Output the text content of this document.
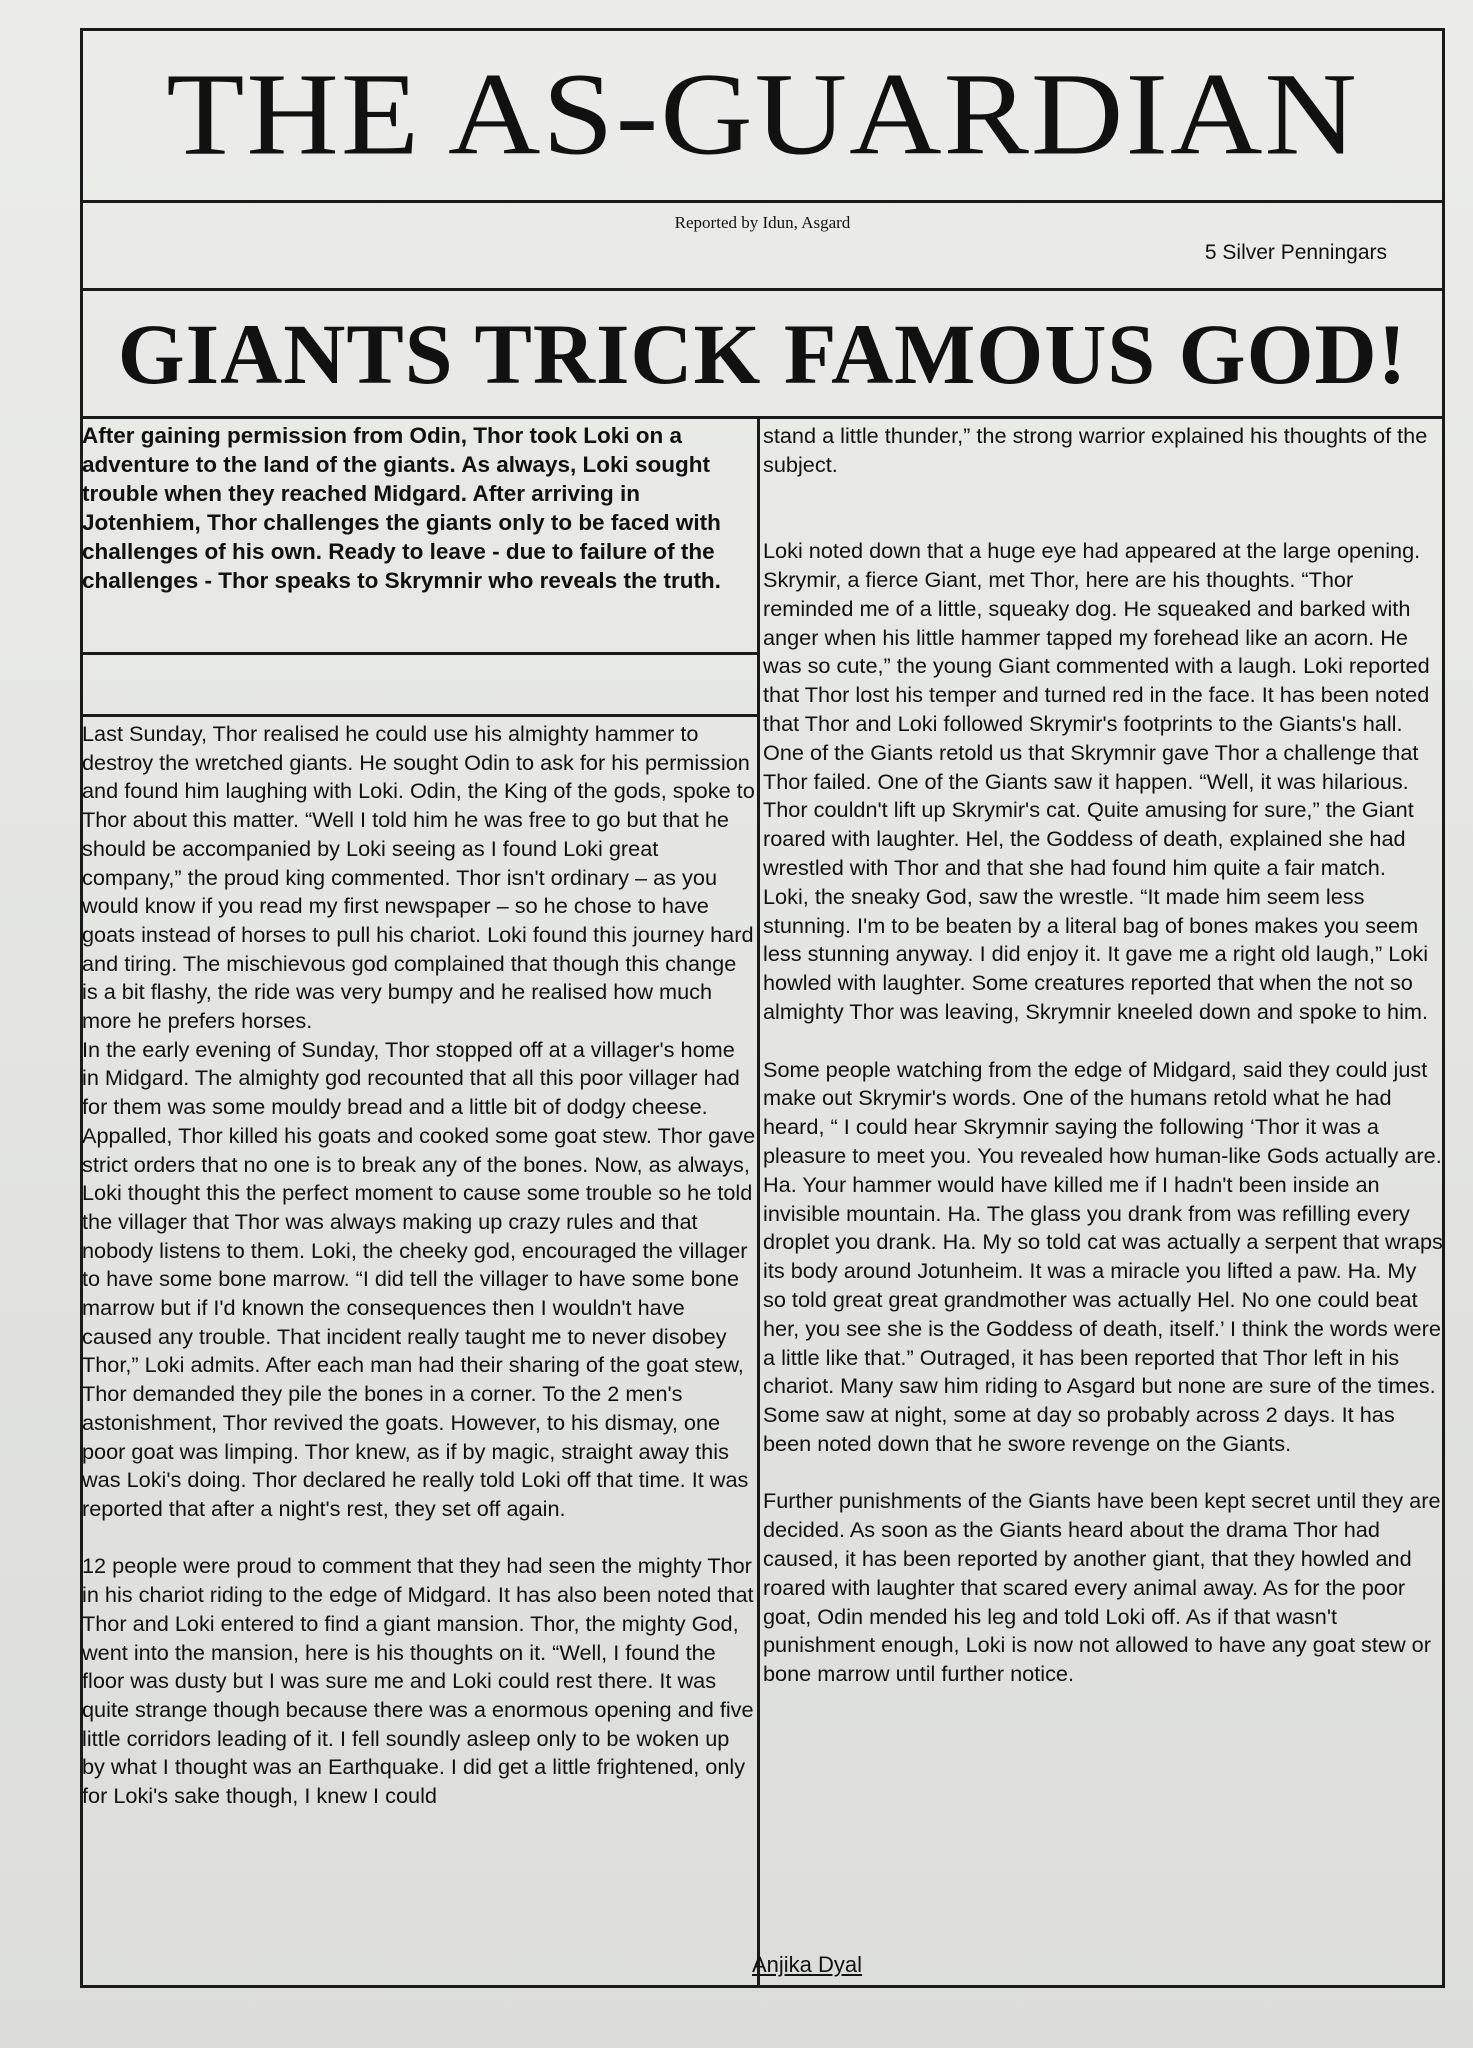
THE AS-GUARDIAN
Reported by Idun, Asgard
5 Silver Penningars
GIANTS TRICK FAMOUS GOD!

After gaining permission from Odin, Thor took Loki on a adventure to the land of the giants. As always, Loki sought trouble when they reached Midgard. After arriving in Jotenhiem, Thor challenges the giants only to be faced with challenges of his own. Ready to leave - due to failure of the challenges - Thor speaks to Skrymnir who reveals the truth.

Last Sunday, Thor realised he could use his almighty hammer to destroy the wretched giants. He sought Odin to ask for his permission and found him laughing with Loki. Odin, the King of the gods, spoke to Thor about this matter. “Well I told him he was free to go but that he should be accompanied by Loki seeing as I found Loki great company,” the proud king commented. Thor isn't ordinary – as you would know if you read my first newspaper – so he chose to have goats instead of horses to pull his chariot. Loki found this journey hard and tiring. The mischievous god complained that though this change is a bit flashy, the ride was very bumpy and he realised how much more he prefers horses.

In the early evening of Sunday, Thor stopped off at a villager's home in Midgard. The almighty god recounted that all this poor villager had for them was some mouldy bread and a little bit of dodgy cheese. Appalled, Thor killed his goats and cooked some goat stew. Thor gave strict orders that no one is to break any of the bones. Now, as always, Loki thought this the perfect moment to cause some trouble so he told the villager that Thor was always making up crazy rules and that nobody listens to them. Loki, the cheeky god, encouraged the villager to have some bone marrow. “I did tell the villager to have some bone marrow but if I'd known the consequences then I wouldn't have caused any trouble. That incident really taught me to never disobey Thor,” Loki admits. After each man had their sharing of the goat stew, Thor demanded they pile the bones in a corner. To the 2 men's astonishment, Thor revived the goats. However, to his dismay, one poor goat was limping. Thor knew, as if by magic, straight away this was Loki's doing. Thor declared he really told Loki off that time. It was reported that after a night's rest, they set off again.

12 people were proud to comment that they had seen the mighty Thor in his chariot riding to the edge of Midgard. It has also been noted that Thor and Loki entered to find a giant mansion. Thor, the mighty God, went into the mansion, here is his thoughts on it. “Well, I found the floor was dusty but I was sure me and Loki could rest there. It was quite strange though because there was a enormous opening and five little corridors leading of it. I fell soundly asleep only to be woken up by what I thought was an Earthquake. I did get a little frightened, only for Loki's sake though, I knew I could

stand a little thunder,” the strong warrior explained his thoughts of the subject.

Loki noted down that a huge eye had appeared at the large opening. Skrymir, a fierce Giant, met Thor, here are his thoughts. “Thor reminded me of a little, squeaky dog. He squeaked and barked with anger when his little hammer tapped my forehead like an acorn. He was so cute,” the young Giant commented with a laugh. Loki reported that Thor lost his temper and turned red in the face. It has been noted that Thor and Loki followed Skrymir's footprints to the Giants's hall. One of the Giants retold us that Skrymnir gave Thor a challenge that Thor failed. One of the Giants saw it happen. “Well, it was hilarious. Thor couldn't lift up Skrymir's cat. Quite amusing for sure,” the Giant roared with laughter. Hel, the Goddess of death, explained she had wrestled with Thor and that she had found him quite a fair match.

Loki, the sneaky God, saw the wrestle. “It made him seem less stunning. I'm to be beaten by a literal bag of bones makes you seem less stunning anyway. I did enjoy it. It gave me a right old laugh,” Loki howled with laughter. Some creatures reported that when the not so almighty Thor was leaving, Skrymnir kneeled down and spoke to him.

Some people watching from the edge of Midgard, said they could just make out Skrymir's words. One of the humans retold what he had heard, “ I could hear Skrymnir saying the following ‘Thor it was a pleasure to meet you. You revealed how human-like Gods actually are. Ha. Your hammer would have killed me if I hadn't been inside an invisible mountain. Ha. The glass you drank from was refilling every droplet you drank. Ha. My so told cat was actually a serpent that wraps its body around Jotunheim. It was a miracle you lifted a paw. Ha. My so told great great grandmother was actually Hel. No one could beat her, you see she is the Goddess of death, itself.’ I think the words were a little like that.” Outraged, it has been reported that Thor left in his chariot. Many saw him riding to Asgard but none are sure of the times. Some saw at night, some at day so probably across 2 days. It has been noted down that he swore revenge on the Giants.

Further punishments of the Giants have been kept secret until they are decided. As soon as the Giants heard about the drama Thor had caused, it has been reported by another giant, that they howled and roared with laughter that scared every animal away. As for the poor goat, Odin mended his leg and told Loki off. As if that wasn't punishment enough, Loki is now not allowed to have any goat stew or bone marrow until further notice.

Anjika Dyal
